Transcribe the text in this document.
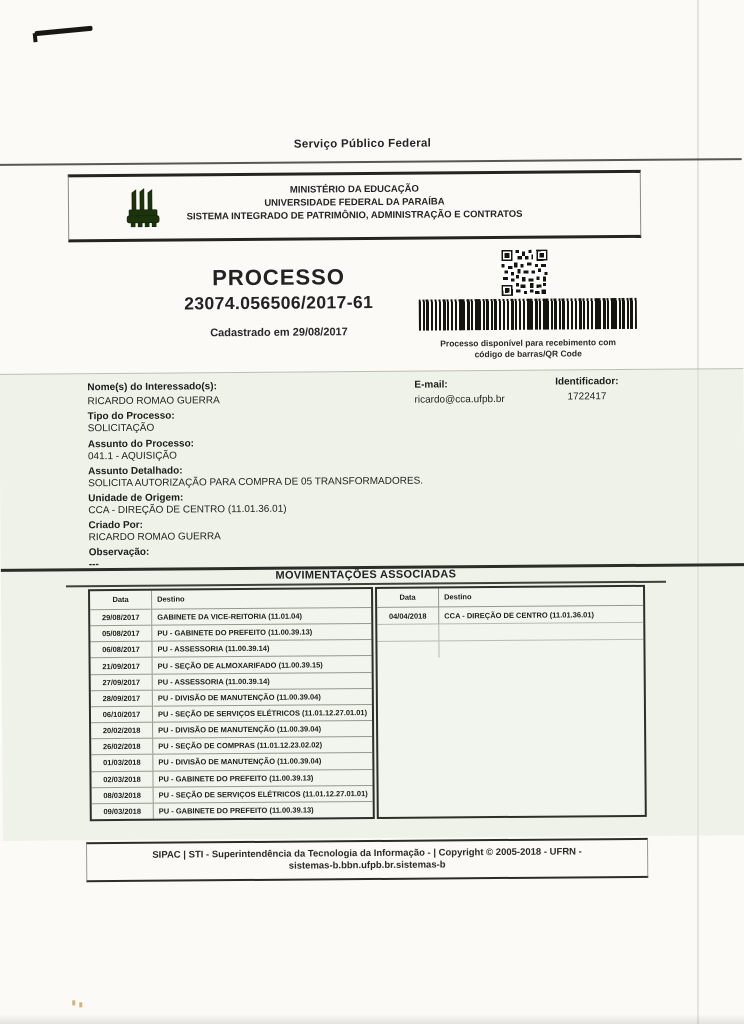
Serviço Público Federal
MINISTÉRIO DA EDUCAÇÃO
UNIVERSIDADE FEDERAL DA PARAÍBA
SISTEMA INTEGRADO DE PATRIMÔNIO, ADMINISTRAÇÃO E CONTRATOS
PROCESSO
23074.056506/2017-61
Cadastrado em 29/08/2017
Processo disponível para recebimento com
código de barras/QR Code
Nome(s) do Interessado(s):
RICARDO ROMAO GUERRA
E-mail:
ricardo@cca.ufpb.br
Identificador:
1722417
Tipo do Processo:
SOLICITAÇÃO
Assunto do Processo:
041.1 - AQUISIÇÃO
Assunto Detalhado:
SOLICITA AUTORIZAÇÃO PARA COMPRA DE 05 TRANSFORMADORES.
Unidade de Origem:
CCA - DIREÇÃO DE CENTRO (11.01.36.01)
Criado Por:
RICARDO ROMAO GUERRA
Observação:
---
MOVIMENTAÇÕES ASSOCIADAS
Data	Destino
29/08/2017	GABINETE DA VICE-REITORIA (11.01.04)
05/08/2017	PU - GABINETE DO PREFEITO (11.00.39.13)
06/08/2017	PU - ASSESSORIA (11.00.39.14)
21/09/2017	PU - SEÇÃO DE ALMOXARIFADO (11.00.39.15)
27/09/2017	PU - ASSESSORIA (11.00.39.14)
28/09/2017	PU - DIVISÃO DE MANUTENÇÃO (11.00.39.04)
06/10/2017	PU - SEÇÃO DE SERVIÇOS ELÉTRICOS (11.01.12.27.01.01)
20/02/2018	PU - DIVISÃO DE MANUTENÇÃO (11.00.39.04)
26/02/2018	PU - SEÇÃO DE COMPRAS (11.01.12.23.02.02)
01/03/2018	PU - DIVISÃO DE MANUTENÇÃO (11.00.39.04)
02/03/2018	PU - GABINETE DO PREFEITO (11.00.39.13)
08/03/2018	PU - SEÇÃO DE SERVIÇOS ELÉTRICOS (11.01.12.27.01.01)
09/03/2018	PU - GABINETE DO PREFEITO (11.00.39.13)
Data	Destino
04/04/2018	CCA - DIREÇÃO DE CENTRO (11.01.36.01)
SIPAC | STI - Superintendência da Tecnologia da Informação - | Copyright © 2005-2018 - UFRN -
sistemas-b.bbn.ufpb.br.sistemas-b
